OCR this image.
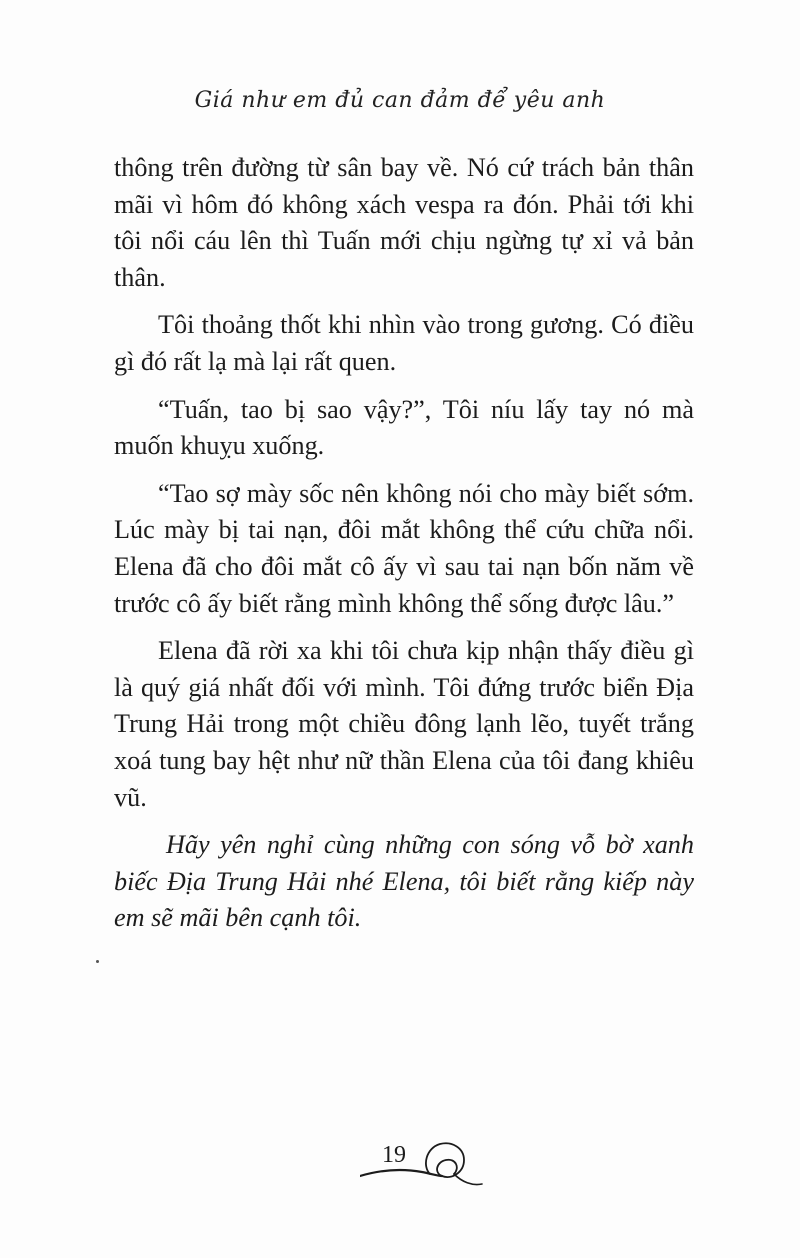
Giá như em đủ can đảm để yêu anh

thông trên đường từ sân bay về. Nó cứ trách bản thân mãi vì hôm đó không xách vespa ra đón. Phải tới khi tôi nổi cáu lên thì Tuấn mới chịu ngừng tự xỉ vả bản thân.

Tôi thoảng thốt khi nhìn vào trong gương. Có điều gì đó rất lạ mà lại rất quen.

“Tuấn, tao bị sao vậy?”, Tôi níu lấy tay nó mà muốn khuỵu xuống.

“Tao sợ mày sốc nên không nói cho mày biết sớm. Lúc mày bị tai nạn, đôi mắt không thể cứu chữa nổi. Elena đã cho đôi mắt cô ấy vì sau tai nạn bốn năm về trước cô ấy biết rằng mình không thể sống được lâu.”

Elena đã rời xa khi tôi chưa kịp nhận thấy điều gì là quý giá nhất đối với mình. Tôi đứng trước biển Địa Trung Hải trong một chiều đông lạnh lẽo, tuyết trắng xoá tung bay hệt như nữ thần Elena của tôi đang khiêu vũ.

Hãy yên nghỉ cùng những con sóng vỗ bờ xanh biếc Địa Trung Hải nhé Elena, tôi biết rằng kiếp này em sẽ mãi bên cạnh tôi.

19
